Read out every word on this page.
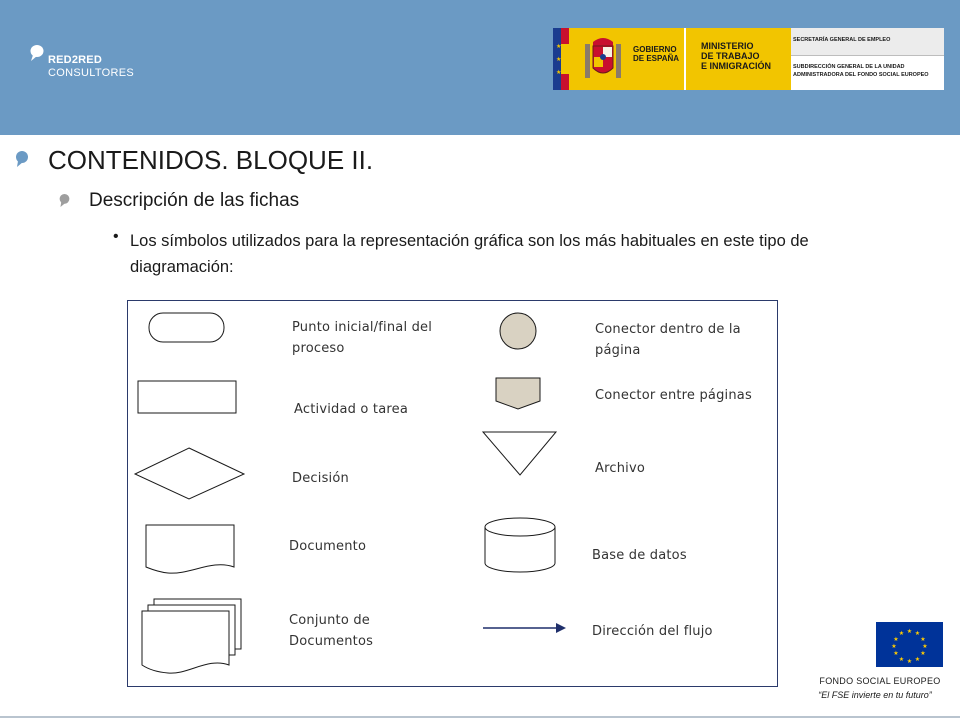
RED2RED
CONSULTORES
★
★
★
GOBIERNO
DE ESPAÑA
MINISTERIO
DE TRABAJO
E INMIGRACIÓN
SECRETARÍA GENERAL DE EMPLEO
SUBDIRECCIÓN GENERAL DE LA UNIDAD
ADMINISTRADORA DEL FONDO SOCIAL EUROPEO
CONTENIDOS. BLOQUE II.
Descripción de las fichas
• Los símbolos utilizados para la representación gráfica son los más habituales en este tipo de diagramación:
Punto inicial/final del proceso
Actividad o tarea
Decisión
Documento
Conjunto de Documentos
Conector dentro de la página
Conector entre páginas
Archivo
Base de datos
Dirección del flujo	★ ★
★
★
★
★
★
★
★
★
★
★
FONDO SOCIAL EUROPEO
“El FSE invierte en tu futuro”
